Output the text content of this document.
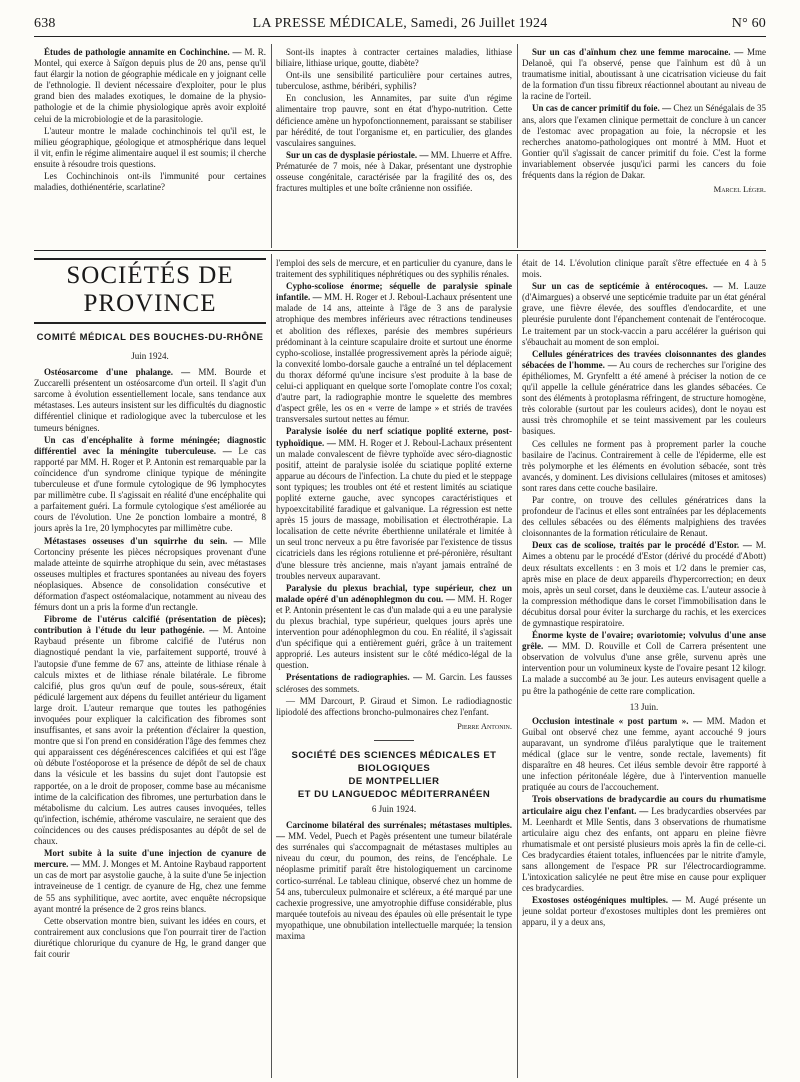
638	LA PRESSE MÉDICALE, Samedi, 26 Juillet 1924	N° 60

Études de pathologie annamite en Cochinchine. — M. R. Montel, qui exerce à Saïgon depuis plus de 20 ans, pense qu'il faut élargir la notion de géographie médicale en y joignant celle de l'ethnologie. Il devient nécessaire d'exploiter, pour le plus grand bien des malades exotiques, le domaine de la physio-pathologie et de la chimie physiologique après avoir exploité celui de la microbiologie et de la parasitologie.

L'auteur montre le malade cochinchinois tel qu'il est, le milieu géographique, géologique et atmosphérique dans lequel il vit, enfin le régime alimentaire auquel il est soumis; il cherche ensuite à résoudre trois questions.

Les Cochinchinois ont-ils l'immunité pour certaines maladies, dothiénentérie, scarlatine?

Sont-ils inaptes à contracter certaines maladies, lithiase biliaire, lithiase urique, goutte, diabète?

Ont-ils une sensibilité particulière pour certaines autres, tuberculose, asthme, béribéri, syphilis?

En conclusion, les Annamites, par suite d'un régime alimentaire trop pauvre, sont en état d'hypo-nutrition. Cette déficience amène un hypofonctionnement, paraissant se stabiliser par hérédité, de tout l'organisme et, en particulier, des glandes vasculaires sanguines.

Sur un cas de dysplasie périostale. — MM. Lhuerre et Affre. Prématurée de 7 mois, née à Dakar, présentant une dystrophie osseuse congénitale, caractérisée par la fragilité des os, des fractures multiples et une boîte crânienne non ossifiée.

Sur un cas d'aïnhum chez une femme marocaine. — Mme Delanoë, qui l'a observé, pense que l'aïnhum est dû à un traumatisme initial, aboutissant à une cicatrisation vicieuse du fait de la formation d'un tissu fibreux réactionnel aboutant au niveau de la racine de l'orteil.

Un cas de cancer primitif du foie. — Chez un Sénégalais de 35 ans, alors que l'examen clinique permettait de conclure à un cancer de l'estomac avec propagation au foie, la nécropsie et les recherches anatomo-pathologiques ont montré à MM. Huot et Gontier qu'il s'agissait de cancer primitif du foie. C'est la forme invariablement observée jusqu'ici parmi les cancers du foie fréquents dans la région de Dakar.

Marcel Léger.

SOCIÉTÉS DE PROVINCE

COMITÉ MÉDICAL DES BOUCHES-DU-RHÔNE

Juin 1924.

Ostéosarcome d'une phalange. — MM. Bourde et Zuccarelli présentent un ostéosarcome d'un orteil. Il s'agit d'un sarcome à évolution essentiellement locale, sans tendance aux métastases. Les auteurs insistent sur les difficultés du diagnostic différentiel clinique et radiologique avec la tuberculose et les tumeurs bénignes.

Un cas d'encéphalite à forme méningée; diagnostic différentiel avec la méningite tuberculeuse. — Le cas rapporté par MM. H. Roger et P. Antonin est remarquable par la coïncidence d'un syndrome clinique typique de méningite tuberculeuse et d'une formule cytologique de 96 lymphocytes par millimètre cube. Il s'agissait en réalité d'une encéphalite qui a parfaitement guéri. La formule cytologique s'est améliorée au cours de l'évolution. Une 2e ponction lombaire a montré, 8 jours après la 1re, 20 lymphocytes par millimètre cube.

Métastases osseuses d'un squirrhe du sein. — Mlle Cortonciny présente les pièces nécropsiques provenant d'une malade atteinte de squirrhe atrophique du sein, avec métastases osseuses multiples et fractures spontanées au niveau des foyers néoplasiques. Absence de consolidation consécutive et déformation d'aspect ostéomalacique, notamment au niveau des fémurs dont un a pris la forme d'un rectangle.

Fibrome de l'utérus calcifié (présentation de pièces); contribution à l'étude du leur pathogénie. — M. Antoine Raybaud présente un fibrome calcifié de l'utérus non diagnostiqué pendant la vie, parfaitement supporté, trouvé à l'autopsie d'une femme de 67 ans, atteinte de lithiase rénale à calculs mixtes et de lithiase rénale bilatérale. Le fibrome calcifié, plus gros qu'un œuf de poule, sous-séreux, était pédiculé largement aux dépens du feuillet antérieur du ligament large droit. L'auteur remarque que toutes les pathogénies invoquées pour expliquer la calcification des fibromes sont insuffisantes, et sans avoir la prétention d'éclairer la question, montre que si l'on prend en considération l'âge des femmes chez qui apparaissent ces dégénérescences calcifiées et qui est l'âge où débute l'ostéoporose et la présence de dépôt de sel de chaux dans la vésicule et les bassins du sujet dont l'autopsie est rapportée, on a le droit de proposer, comme base au mécanisme intime de la calcification des fibromes, une perturbation dans le métabolisme du calcium. Les autres causes invoquées, telles qu'infection, ischémie, athérome vasculaire, ne seraient que des coïncidences ou des causes prédisposantes au dépôt de sel de chaux.

Mort subite à la suite d'une injection de cyanure de mercure. — MM. J. Monges et M. Antoine Raybaud rapportent un cas de mort par asystolie gauche, à la suite d'une 5e injection intraveineuse de 1 centigr. de cyanure de Hg, chez une femme de 55 ans syphilitique, avec aortite, avec enquête nécropsique ayant montré la présence de 2 gros reins blancs.

Cette observation montre bien, suivant les idées en cours, et contrairement aux conclusions que l'on pourrait tirer de l'action diurétique chlorurique du cyanure de Hg, le grand danger que fait courir

l'emploi des sels de mercure, et en particulier du cyanure, dans le traitement des syphilitiques néphrétiques ou des syphilis rénales.

Cypho-scoliose énorme; séquelle de paralysie spinale infantile. — MM. H. Roger et J. Reboul-Lachaux présentent une malade de 14 ans, atteinte à l'âge de 3 ans de paralysie atrophique des membres inférieurs avec rétractions tendineuses et abolition des réflexes, parésie des membres supérieurs prédominant à la ceinture scapulaire droite et surtout une énorme cypho-scoliose, installée progressivement après la période aiguë; la convexité lombo-dorsale gauche a entraîné un tel déplacement du thorax déformé qu'une incisure s'est produite à la base de celui-ci appliquant en quelque sorte l'omoplate contre l'os coxal; d'autre part, la radiographie montre le squelette des membres d'aspect grêle, les os en « verre de lampe » et striés de travées transversales surtout nettes au fémur.

Paralysie isolée du nerf sciatique poplité externe, post-typhoïdique. — MM. H. Roger et J. Reboul-Lachaux présentent un malade convalescent de fièvre typhoïde avec séro-diagnostic positif, atteint de paralysie isolée du sciatique poplité externe apparue au décours de l'infection. La chute du pied et le steppage sont typiques; les troubles ont été et restent limités au sciatique poplité externe gauche, avec syncopes caractéristiques et hypoexcitabilité faradique et galvanique. La régression est nette après 15 jours de massage, mobilisation et électrothérapie. La localisation de cette névrite éberthienne unilatérale et limitée à un seul tronc nerveux a pu être favorisée par l'existence de tissus cicatriciels dans les régions rotulienne et pré-péronière, résultant d'une blessure très ancienne, mais n'ayant jamais entraîné de troubles nerveux auparavant.

Paralysie du plexus brachial, type supérieur, chez un malade opéré d'un adénophlegmon du cou. — MM. H. Roger et P. Antonin présentent le cas d'un malade qui a eu une paralysie du plexus brachial, type supérieur, quelques jours après une intervention pour adénophlegmon du cou. En réalité, il s'agissait d'un spécifique qui a entièrement guéri, grâce à un traitement approprié. Les auteurs insistent sur le côté médico-légal de la question.

Présentations de radiographies. — M. Garcin. Les fausses scléroses des sommets.

— MM Darcourt, P. Giraud et Simon. Le radiodiagnostic lipiodolé des affections broncho-pulmonaires chez l'enfant.

Pierre Antonin.

SOCIÉTÉ DES SCIENCES MÉDICALES ET BIOLOGIQUES

DE MONTPELLIER

ET DU LANGUEDOC MÉDITERRANÉEN

6 Juin 1924.

Carcinome bilatéral des surrénales; métastases multiples. — MM. Vedel, Puech et Pagès présentent une tumeur bilatérale des surrénales qui s'accompagnait de métastases multiples au niveau du cœur, du poumon, des reins, de l'encéphale. Le néoplasme primitif paraît être histologiquement un carcinome cortico-surrénal. Le tableau clinique, observé chez un homme de 54 ans, tuberculeux pulmonaire et scléreux, a été marqué par une cachexie progressive, une amyotrophie diffuse considérable, plus marquée toutefois au niveau des épaules où elle présentait le type myopathique, une obnubilation intellectuelle marquée; la tension maxima

était de 14. L'évolution clinique paraît s'être effectuée en 4 à 5 mois.

Sur un cas de septicémie à entérocoques. — M. Lauze (d'Aimargues) a observé une septicémie traduite par un état général grave, une fièvre élevée, des souffles d'endocardite, et une pleurésie purulente dont l'épanchement contenait de l'entérocoque. Le traitement par un stock-vaccin a paru accélérer la guérison qui s'ébauchait au moment de son emploi.

Cellules génératrices des travées cloisonnantes des glandes sébacées de l'homme. — Au cours de recherches sur l'origine des épithéliomes, M. Grynfeltt a été amené à préciser la notion de ce qu'il appelle la cellule génératrice dans les glandes sébacées. Ce sont des éléments à protoplasma réfringent, de structure homogène, très colorable (surtout par les couleurs acides), dont le noyau est aussi très chromophile et se teint massivement par les couleurs basiques.

Ces cellules ne forment pas à proprement parler la couche basilaire de l'acinus. Contrairement à celle de l'épiderme, elle est très polymorphe et les éléments en évolution sébacée, sont très avancés, y dominent. Les divisions cellulaires (mitoses et amitoses) sont rares dans cette couche basilaire.

Par contre, on trouve des cellules génératrices dans la profondeur de l'acinus et elles sont entraînées par les déplacements des cellules sébacées ou des éléments malpighiens des travées cloisonnantes de la formation réticulaire de Renaut.

Deux cas de scoliose, traités par le procédé d'Estor. — M. Aimes a obtenu par le procédé d'Estor (dérivé du procédé d'Abott) deux résultats excellents : en 3 mois et 1/2 dans le premier cas, après mise en place de deux appareils d'hypercorrection; en deux mois, après un seul corset, dans le deuxième cas. L'auteur associe à la compression méthodique dans le corset l'immobilisation dans le décubitus dorsal pour éviter la surcharge du rachis, et les exercices de gymnastique respiratoire.

Énorme kyste de l'ovaire; ovariotomie; volvulus d'une anse grêle. — MM. D. Rouville et Coll de Carrera présentent une observation de volvulus d'une anse grêle, survenu après une intervention pour un volumineux kyste de l'ovaire pesant 12 kilogr. La malade a succombé au 3e jour. Les auteurs envisagent quelle a pu être la pathogénie de cette rare complication.

13 Juin.

Occlusion intestinale « post partum ». — MM. Madon et Guibal ont observé chez une femme, ayant accouché 9 jours auparavant, un syndrome d'iléus paralytique que le traitement médical (glace sur le ventre, sonde rectale, lavements) fit disparaître en 48 heures. Cet iléus semble devoir être rapporté à une infection péritonéale légère, due à l'intervention manuelle pratiquée au cours de l'accouchement.

Trois observations de bradycardie au cours du rhumatisme articulaire aigu chez l'enfant. — Les bradycardies observées par M. Leenhardt et Mlle Sentis, dans 3 observations de rhumatisme articulaire aigu chez des enfants, ont apparu en pleine fièvre rhumatismale et ont persisté plusieurs mois après la fin de celle-ci. Ces bradycardies étaient totales, influencées par le nitrite d'amyle, sans allongement de l'espace PR sur l'électrocardiogramme. L'intoxication salicylée ne peut être mise en cause pour expliquer ces bradycardies.

Exostoses ostéogéniques multiples. — M. Augé présente un jeune soldat porteur d'exostoses multiples dont les premières ont apparu, il y a deux ans,
